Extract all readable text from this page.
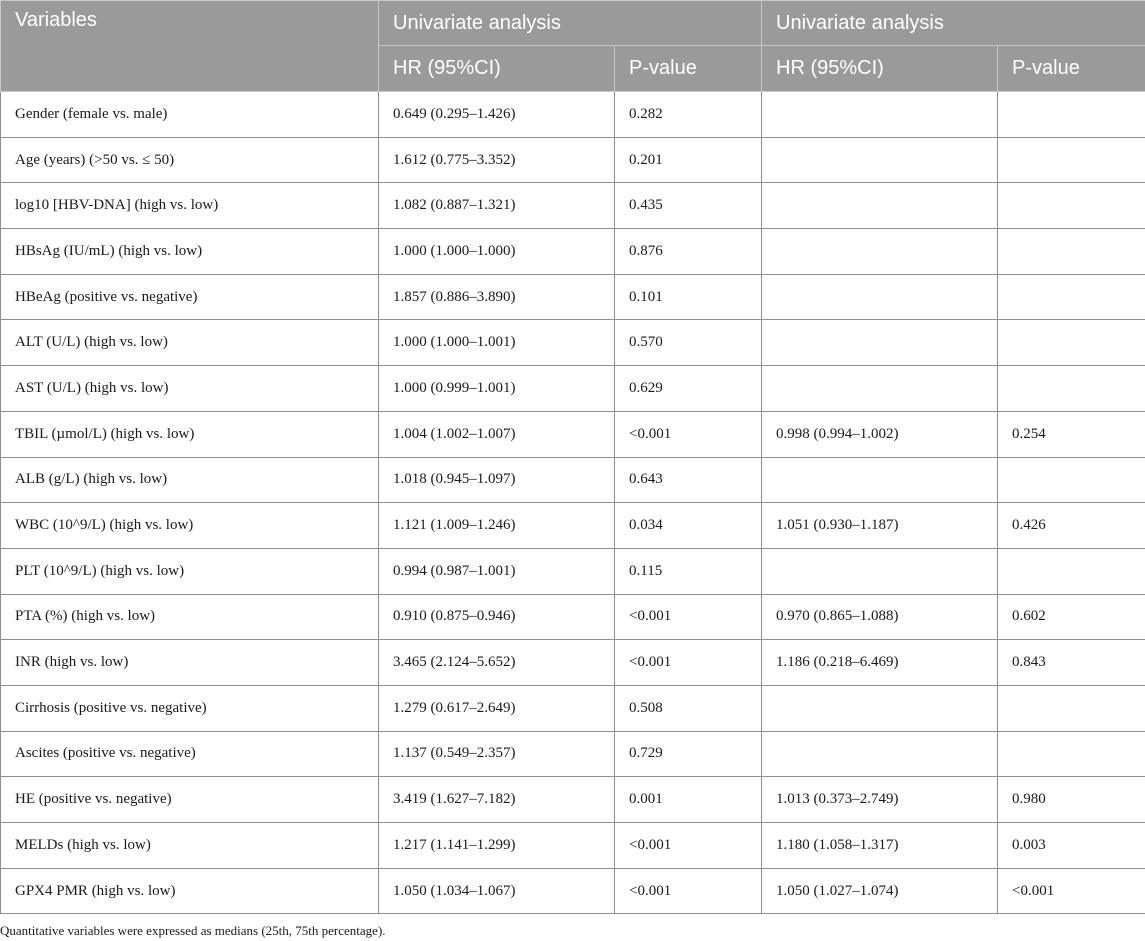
Variables	Univariate analysis		Univariate analysis	
	HR (95%CI)	P-value	HR (95%CI)	P-value
Gender (female vs. male)	0.649 (0.295–1.426)	0.282		
Age (years) (>50 vs. ≤ 50)	1.612 (0.775–3.352)	0.201		
log10 [HBV-DNA] (high vs. low)	1.082 (0.887–1.321)	0.435		
HBsAg (IU/mL) (high vs. low)	1.000 (1.000–1.000)	0.876		
HBeAg (positive vs. negative)	1.857 (0.886–3.890)	0.101		
ALT (U/L) (high vs. low)	1.000 (1.000–1.001)	0.570		
AST (U/L) (high vs. low)	1.000 (0.999–1.001)	0.629		
TBIL (µmol/L) (high vs. low)	1.004 (1.002–1.007)	<0.001	0.998 (0.994–1.002)	0.254
ALB (g/L) (high vs. low)	1.018 (0.945–1.097)	0.643		
WBC (10^9/L) (high vs. low)	1.121 (1.009–1.246)	0.034	1.051 (0.930–1.187)	0.426
PLT (10^9/L) (high vs. low)	0.994 (0.987–1.001)	0.115		
PTA (%) (high vs. low)	0.910 (0.875–0.946)	<0.001	0.970 (0.865–1.088)	0.602
INR (high vs. low)	3.465 (2.124–5.652)	<0.001	1.186 (0.218–6.469)	0.843
Cirrhosis (positive vs. negative)	1.279 (0.617–2.649)	0.508		
Ascites (positive vs. negative)	1.137 (0.549–2.357)	0.729		
HE (positive vs. negative)	3.419 (1.627–7.182)	0.001	1.013 (0.373–2.749)	0.980
MELDs (high vs. low)	1.217 (1.141–1.299)	<0.001	1.180 (1.058–1.317)	0.003
GPX4 PMR (high vs. low)	1.050 (1.034–1.067)	<0.001	1.050 (1.027–1.074)	<0.001
Quantitative variables were expressed as medians (25th, 75th percentage).
